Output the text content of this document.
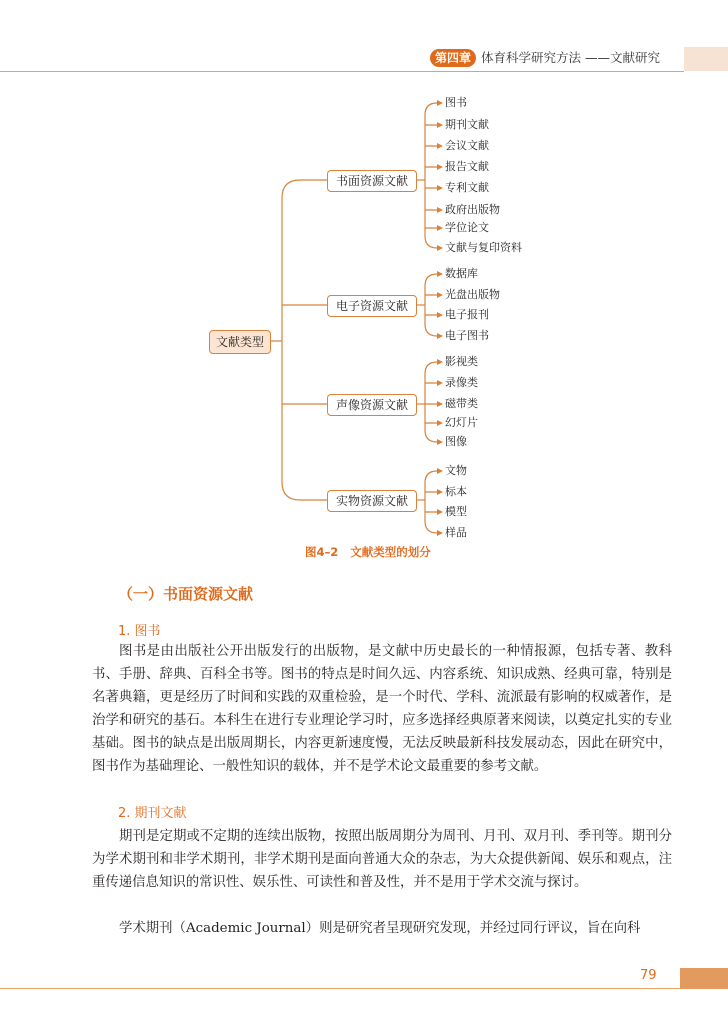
第四章 体育科学研究方法 ——文献研究
文献类型
书面资源文献
电子资源文献
声像资源文献
实物资源文献
图书
期刊文献
会议文献
报告文献
专利文献
政府出版物
学位论文
文献与复印资料
数据库
光盘出版物
电子报刊
电子图书
影视类
录像类
磁带类
幻灯片
图像
文物
标本
模型
样品
图4–2 文献类型的划分
（一）书面资源文献
1. 图书

图书是由出版社公开出版发行的出版物，是文献中历史最长的一种情报源，包括专著、教科书、手册、辞典、百科全书等。图书的特点是时间久远、内容系统、知识成熟、经典可靠，特别是名著典籍，更是经历了时间和实践的双重检验，是一个时代、学科、流派最有影响的权威著作，是治学和研究的基石。本科生在进行专业理论学习时，应多选择经典原著来阅读，以奠定扎实的专业基础。图书的缺点是出版周期长，内容更新速度慢，无法反映最新科技发展动态，因此在研究中，图书作为基础理论、一般性知识的载体，并不是学术论文最重要的参考文献。

2. 期刊文献

期刊是定期或不定期的连续出版物，按照出版周期分为周刊、月刊、双月刊、季刊等。期刊分为学术期刊和非学术期刊，非学术期刊是面向普通大众的杂志，为大众提供新闻、娱乐和观点，注重传递信息知识的常识性、娱乐性、可读性和普及性，并不是用于学术交流与探讨。

学术期刊（Academic Journal）则是研究者呈现研究发现，并经过同行评议，旨在向科

79
